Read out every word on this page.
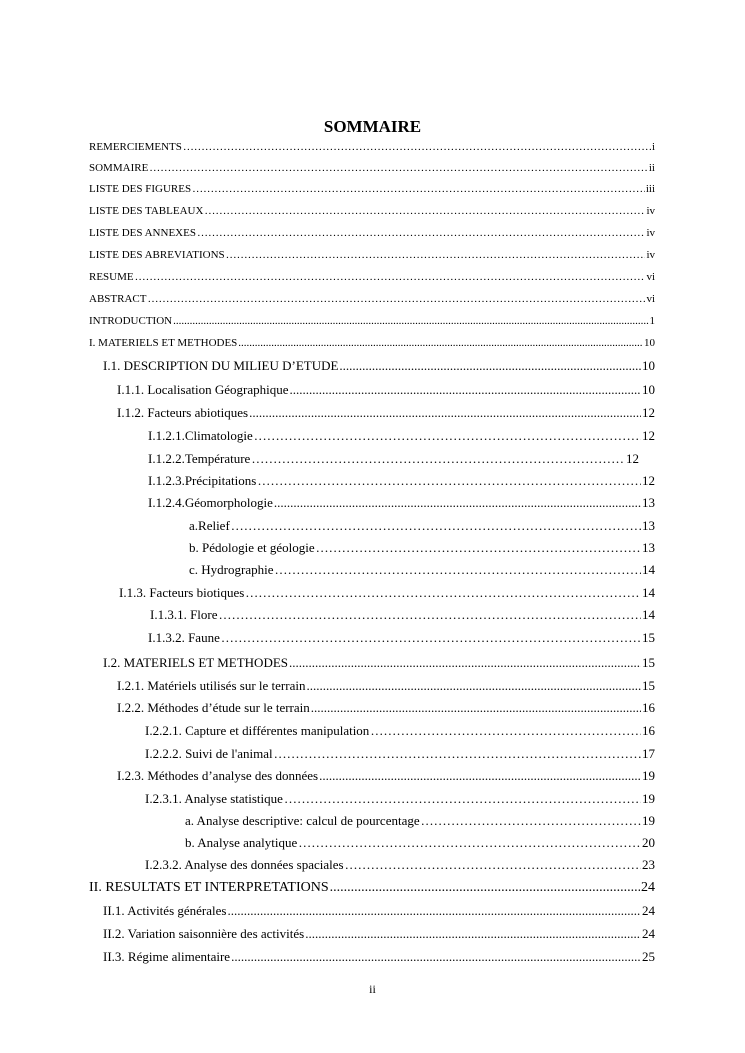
SOMMAIRE
REMERCIEMENTS …………………………………………………………………………………………………………………………………………………………………………………………………………………………………………	i
SOMMAIRE …………………………………………………………………………………………………………………………………………………………………………………………………………………………………………	ii
LISTE DES FIGURES …………………………………………………………………………………………………………………………………………………………………………………………………………………………………………	iii
LISTE DES TABLEAUX …………………………………………………………………………………………………………………………………………………………………………………………………………………………………………	iv
LISTE DES ANNEXES …………………………………………………………………………………………………………………………………………………………………………………………………………………………………………	iv
LISTE DES ABREVIATIONS …………………………………………………………………………………………………………………………………………………………………………………………………………………………………………	iv
RESUME …………………………………………………………………………………………………………………………………………………………………………………………………………………………………………	vi
ABSTRACT …………………………………………………………………………………………………………………………………………………………………………………………………………………………………………	vi
INTRODUCTION .....	1
I. MATERIELS ET METHODES .....	10
I.1. DESCRIPTION DU MILIEU D’ETUDE .....	10
I.1.1. Localisation Géographique .....	10
I.1.2. Facteurs abiotiques .....	12
I.1.2.1.Climatologie …………………………………………………………………………………………………………………………………………………………………………………………………………………………………………	12
I.1.2.2.Température …………………………………………………………………………………………………………………………………………………………………………………………………………………………………………	12
I.1.2.3.Précipitations …………………………………………………………………………………………………………………………………………………………………………………………………………………………………………	12
I.1.2.4.Géomorphologie .....	13
a.Relief …………………………………………………………………………………………………………………………………………………………………………………………………………………………………………	13
b. Pédologie et géologie …………………………………………………………………………………………………………………………………………………………………………………………………………………………………………	13
c. Hydrographie …………………………………………………………………………………………………………………………………………………………………………………………………………………………………………	14
I.1.3. Facteurs biotiques …………………………………………………………………………………………………………………………………………………………………………………………………………………………………………	14
I.1.3.1. Flore …………………………………………………………………………………………………………………………………………………………………………………………………………………………………………	14
I.1.3.2. Faune …………………………………………………………………………………………………………………………………………………………………………………………………………………………………………	15
I.2. MATERIELS ET METHODES .....	15
I.2.1. Matériels utilisés sur le terrain .....	15
I.2.2. Méthodes d’étude sur le terrain .....	16
I.2.2.1. Capture et différentes manipulation …………………………………………………………………………………………………………………………………………………………………………………………………………………………………………	16
I.2.2.2. Suivi de l'animal …………………………………………………………………………………………………………………………………………………………………………………………………………………………………………	17
I.2.3. Méthodes d’analyse des données .....	19
I.2.3.1. Analyse statistique …………………………………………………………………………………………………………………………………………………………………………………………………………………………………………	19
a. Analyse descriptive: calcul de pourcentage …………………………………………………………………………………………………………………………………………………………………………………………………………………………………………	19
b. Analyse analytique …………………………………………………………………………………………………………………………………………………………………………………………………………………………………………	20
I.2.3.2. Analyse des données spaciales …………………………………………………………………………………………………………………………………………………………………………………………………………………………………………	23
II. RESULTATS ET INTERPRETATIONS .....	24
II.1. Activités générales .....	24
II.2. Variation saisonnière des activités .....	24
II.3. Régime alimentaire .....	25
ii
